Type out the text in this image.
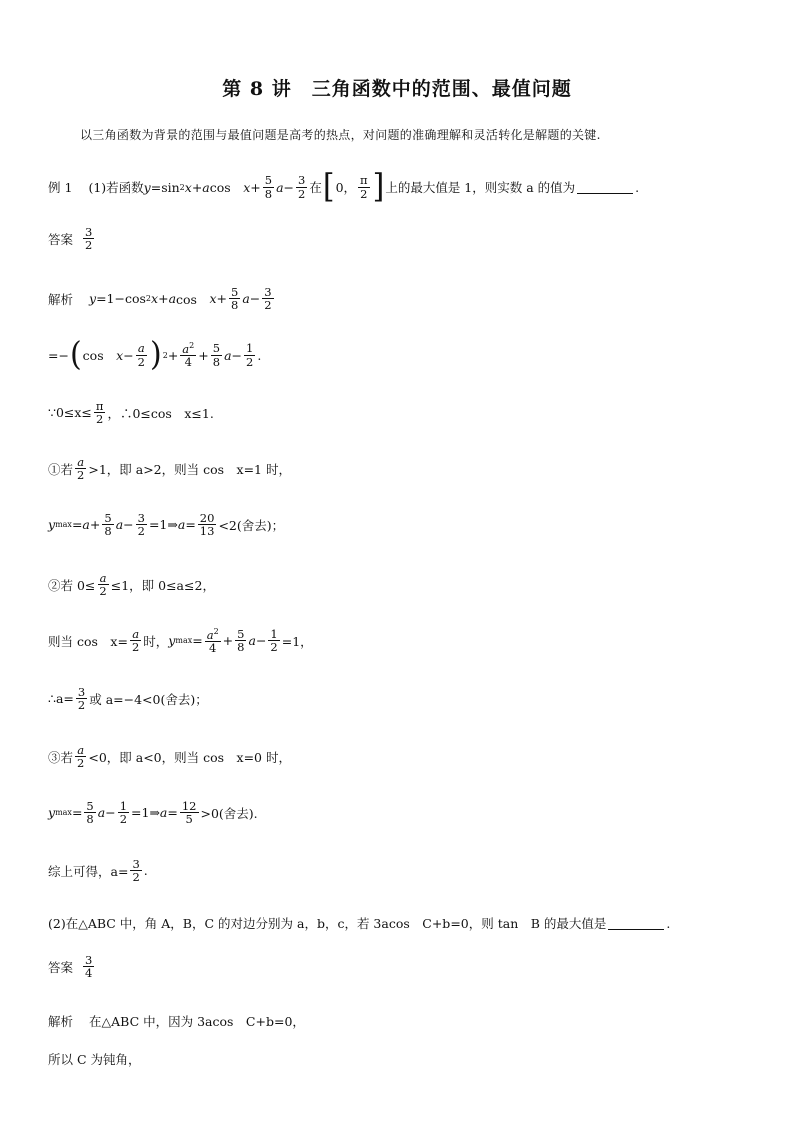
第 8 讲　三角函数中的范围、最值问题
以三角函数为背景的范围与最值问题是高考的热点，对问题的准确理解和灵活转化是解题的关键.
例 1 (1)若函数 y =sin 2 x + a cos　 $x + \frac{5}{8}$ $a - \frac{3}{2}$ 在 [ 0， $\frac{\pi}{2}$ ] 上的最大值是 1，则实数 a 的值为	.
答案 $\frac{3}{2}$
解析 y =1−cos 2 x + a cos　 $x + \frac{5}{8}$ $a - \frac{3}{2}$
=− ( cos　 $x - \frac{a}{2}$ ) $2 + \frac{a^2}{4} + \frac{5}{8}$ $a - \frac{1}{2}$ .
∵0≤x≤ $\frac{\pi}{2}$ ，∴0≤cos　x≤1.
①若 $\frac{a}{2} >1$，即 a>2，则当 cos　x=1 时，
y $\max = a + \frac{5}{8}$ $a - \frac{3}{2}$ =1⇒ $a = \frac{20}{13} <2$(舍去)；
②若 $0\le \frac{a}{2} \le 1$，即 0≤a≤2，
则当 cos　$x= \frac{a}{2}$ 时， y $\max = \frac{a^2}{4} + \frac{5}{8}$ $a - \frac{1}{2} =1$，
∴a= $\frac{3}{2}$ 或 a=−4<0(舍去)；
③若 $\frac{a}{2} <0$，即 a<0，则当 cos　x=0 时，
y $\max = \frac{5}{8}$ $a - \frac{1}{2}$ =1⇒ $a = \frac{12}{5} >0$(舍去).
综上可得，$a= \frac{3}{2}$ .
(2)在△ABC 中，角 A，B，C 的对边分别为 a，b，c，若 3acos　C+b=0，则 tan　B 的最大值是	.
答案 $\frac{3}{4}$
解析 在△ABC 中，因为 3acos　C+b=0，
所以 C 为钝角，
